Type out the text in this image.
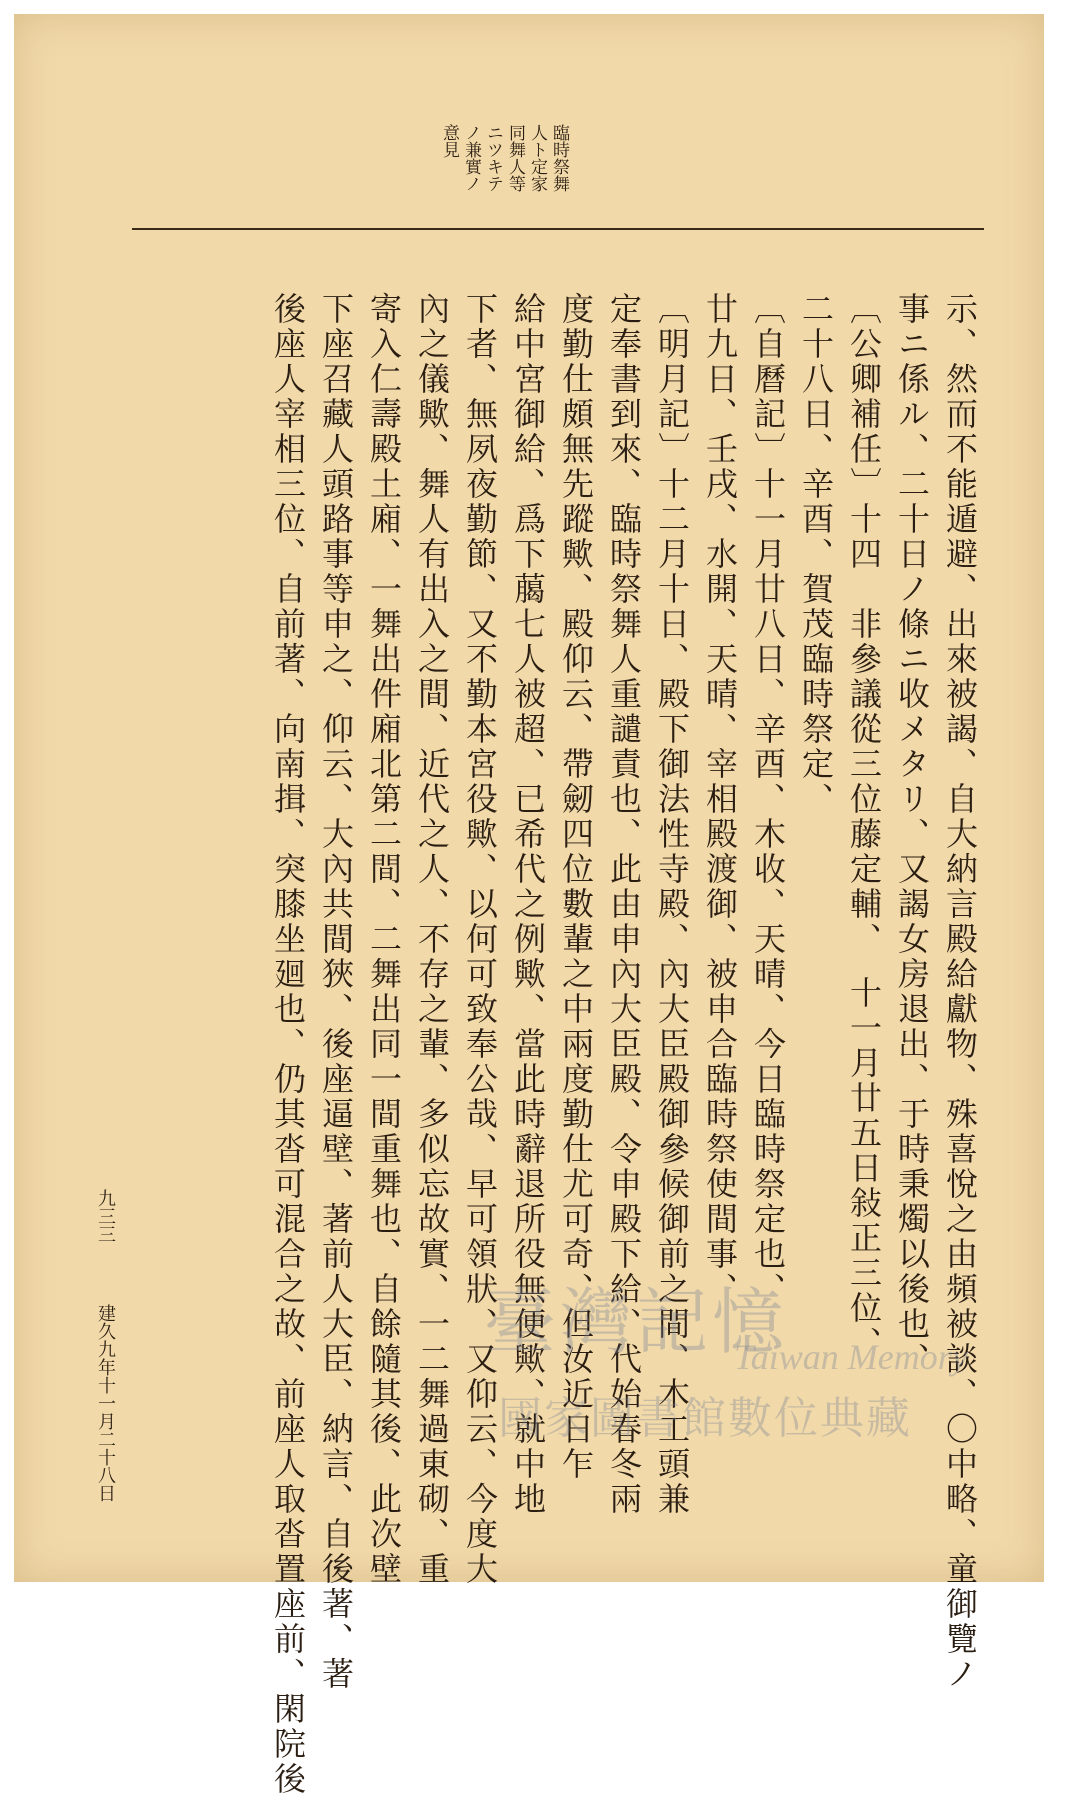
臨時祭舞
人ト定家
同舞人等
ニツキテ
ノ兼實ノ
意見
示、然而不能遁避、出來被謁、自大納言殿給獻物、殊喜悅之由頻被談、〇中略、童御覽ノ
事ニ係ル、二十日ノ條ニ收メタリ、又謁女房退出、于時秉燭以後也、
〔公卿補任〕十四　非參議從三位藤定輔、　十一月廿五日敍正三位、
二十八日、辛酉、賀茂臨時祭定、
〔自曆記〕十一月廿八日、辛酉、木收、天晴、今日臨時祭定也、
廿九日、壬戌、水開、天晴、宰相殿渡御、被申合臨時祭使間事、
〔明月記〕十二月十日、殿下御法性寺殿、內大臣殿御參候御前之間、木工頭兼
定奉書到來、臨時祭舞人重譴責也、此由申內大臣殿、令申殿下給、代始春冬兩
度勤仕頗無先蹤歟、殿仰云、帶劒四位數輩之中兩度勤仕尤可奇、但汝近日乍
給中宮御給、爲下﨟七人被超、已希代之例歟、當此時辭退所役無便歟、就中地
下者、無夙夜勤節、又不勤本宮役歟、以何可致奉公哉、早可領狀、又仰云、今度大
內之儀歟、舞人有出入之間、近代之人、不存之輩、多似忘故實、一二舞過東砌、重
寄入仁壽殿土廂、一舞出件廂北第二間、二舞出同一間重舞也、自餘隨其後、此次壁
下座召藏人頭路事等申之、仰云、大內共間狹、後座逼壁、著前人大臣、納言、自後著、著
後座人宰相三位、自前著、向南揖、突膝坐廻也、仍其沓可混合之故、前座人取沓置座前、閑院後
九三三
建久九年十一月二十八日	臺灣記憶
Taiwan Memory
國家圖書館數位典藏
